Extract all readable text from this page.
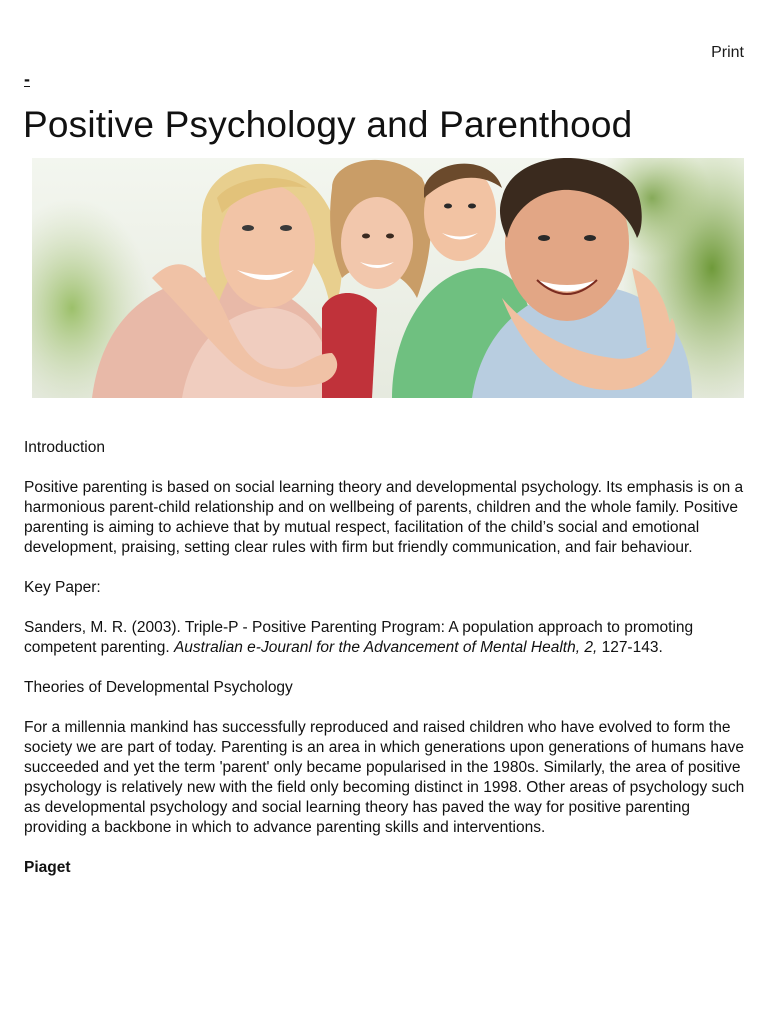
Print
-
Positive Psychology and Parenthood

Introduction

Positive parenting is based on social learning theory and developmental psychology. Its emphasis is on a harmonious parent-child relationship and on wellbeing of parents, children and the whole family. Positive parenting is aiming to achieve that by mutual respect, facilitation of the child’s social and emotional development, praising, setting clear rules with firm but friendly communication, and fair behaviour.

Key Paper:

Sanders, M. R. (2003). Triple-P - Positive Parenting Program: A population approach to promoting competent parenting. Australian e-Jouranl for the Advancement of Mental Health, 2, 127-143.

Theories of Developmental Psychology

For a millennia mankind has successfully reproduced and raised children who have evolved to form the society we are part of today. Parenting is an area in which generations upon generations of humans have succeeded and yet the term 'parent' only became popularised in the 1980s. Similarly, the area of positive psychology is relatively new with the field only becoming distinct in 1998. Other areas of psychology such as developmental psychology and social learning theory has paved the way for positive parenting providing a backbone in which to advance parenting skills and interventions.

Piaget
